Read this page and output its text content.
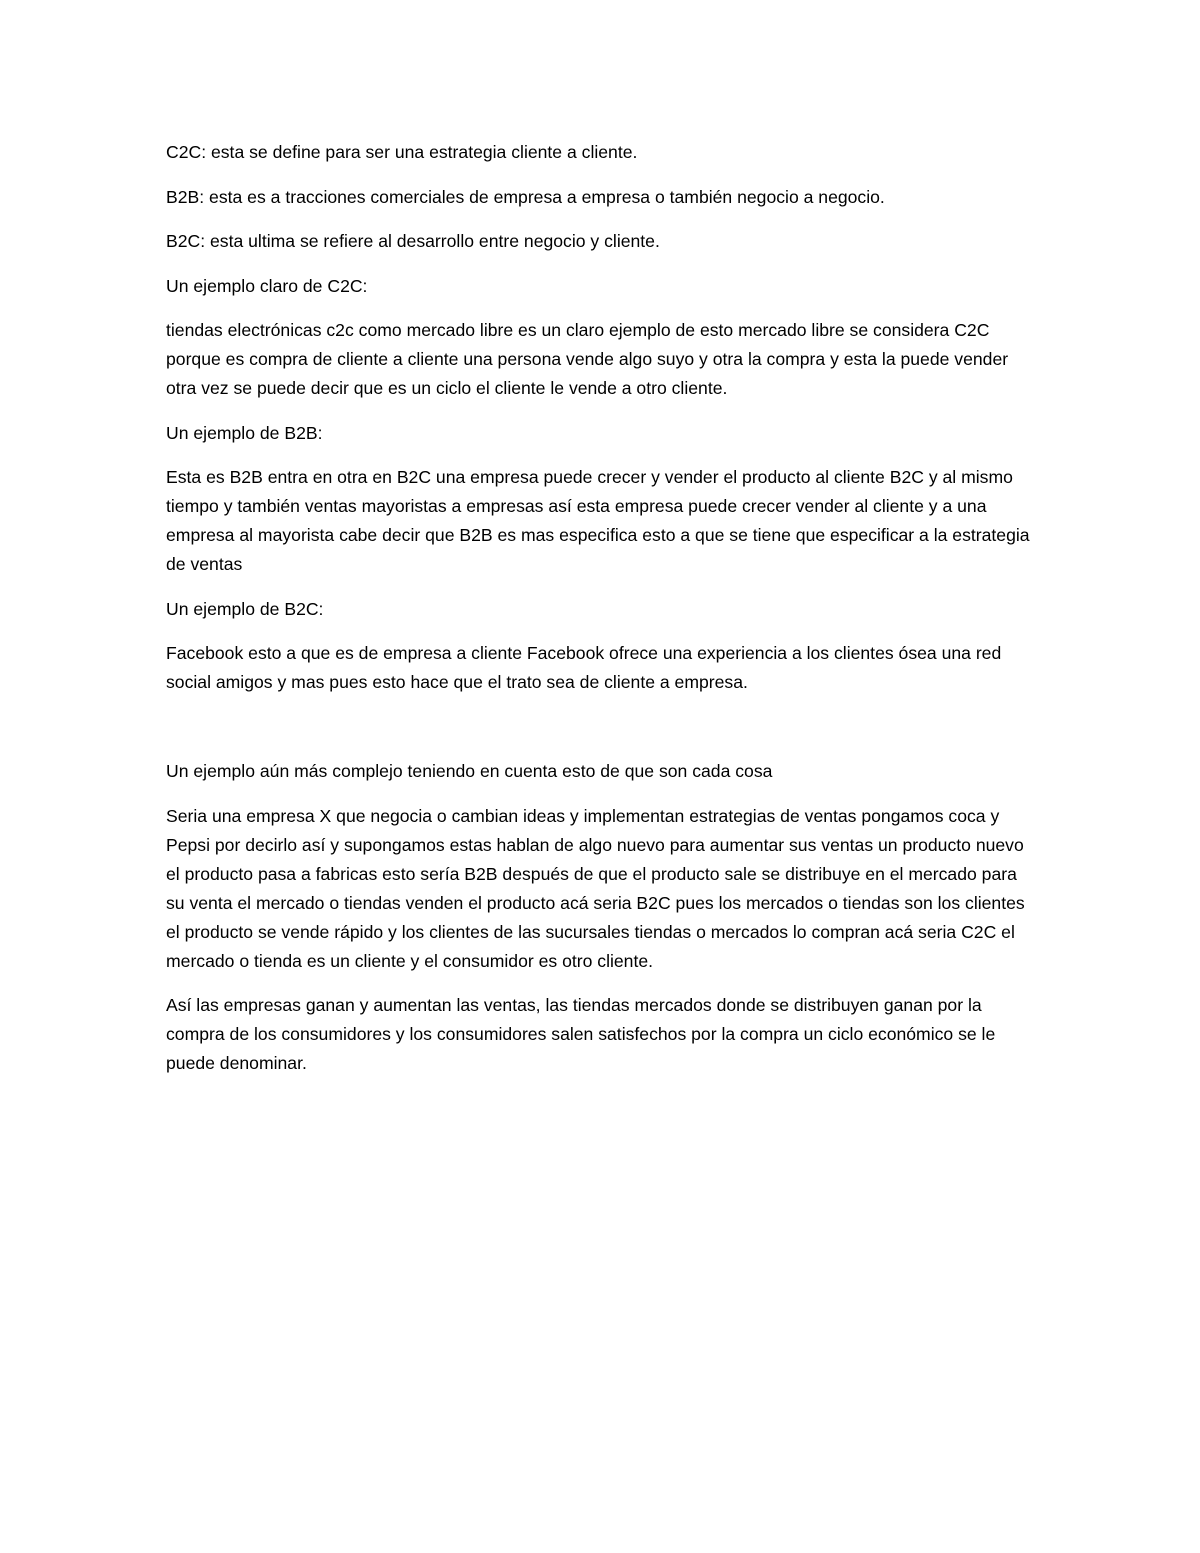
C2C: esta se define para ser una estrategia cliente a cliente.

B2B: esta es a tracciones comerciales de empresa a empresa o también negocio a negocio.

B2C: esta ultima se refiere al desarrollo entre negocio y cliente.

Un ejemplo claro de C2C:

tiendas electrónicas c2c como mercado libre es un claro ejemplo de esto mercado libre se considera C2C porque es compra de cliente a cliente una persona vende algo suyo y otra la compra y esta la puede vender otra vez se puede decir que es un ciclo el cliente le vende a otro cliente.

Un ejemplo de B2B:

Esta es B2B entra en otra en B2C una empresa puede crecer y vender el producto al cliente B2C y al mismo tiempo y también ventas mayoristas a empresas así esta empresa puede crecer vender al cliente y a una empresa al mayorista cabe decir que B2B es mas especifica esto a que se tiene que especificar a la estrategia de ventas

Un ejemplo de B2C:

Facebook esto a que es de empresa a cliente Facebook ofrece una experiencia a los clientes ósea una red social amigos y mas pues esto hace que el trato sea de cliente a empresa.

Un ejemplo aún más complejo teniendo en cuenta esto de que son cada cosa

Seria una empresa X que negocia o cambian ideas y implementan estrategias de ventas pongamos coca y Pepsi por decirlo así y supongamos estas hablan de algo nuevo para aumentar sus ventas un producto nuevo el producto pasa a fabricas esto sería B2B después de que el producto sale se distribuye en el mercado para su venta el mercado o tiendas venden el producto acá seria B2C pues los mercados o tiendas son los clientes el producto se vende rápido y los clientes de las sucursales tiendas o mercados lo compran acá seria C2C el mercado o tienda es un cliente y el consumidor es otro cliente.

Así las empresas ganan y aumentan las ventas, las tiendas mercados donde se distribuyen ganan por la compra de los consumidores y los consumidores salen satisfechos por la compra un ciclo económico se le puede denominar.
